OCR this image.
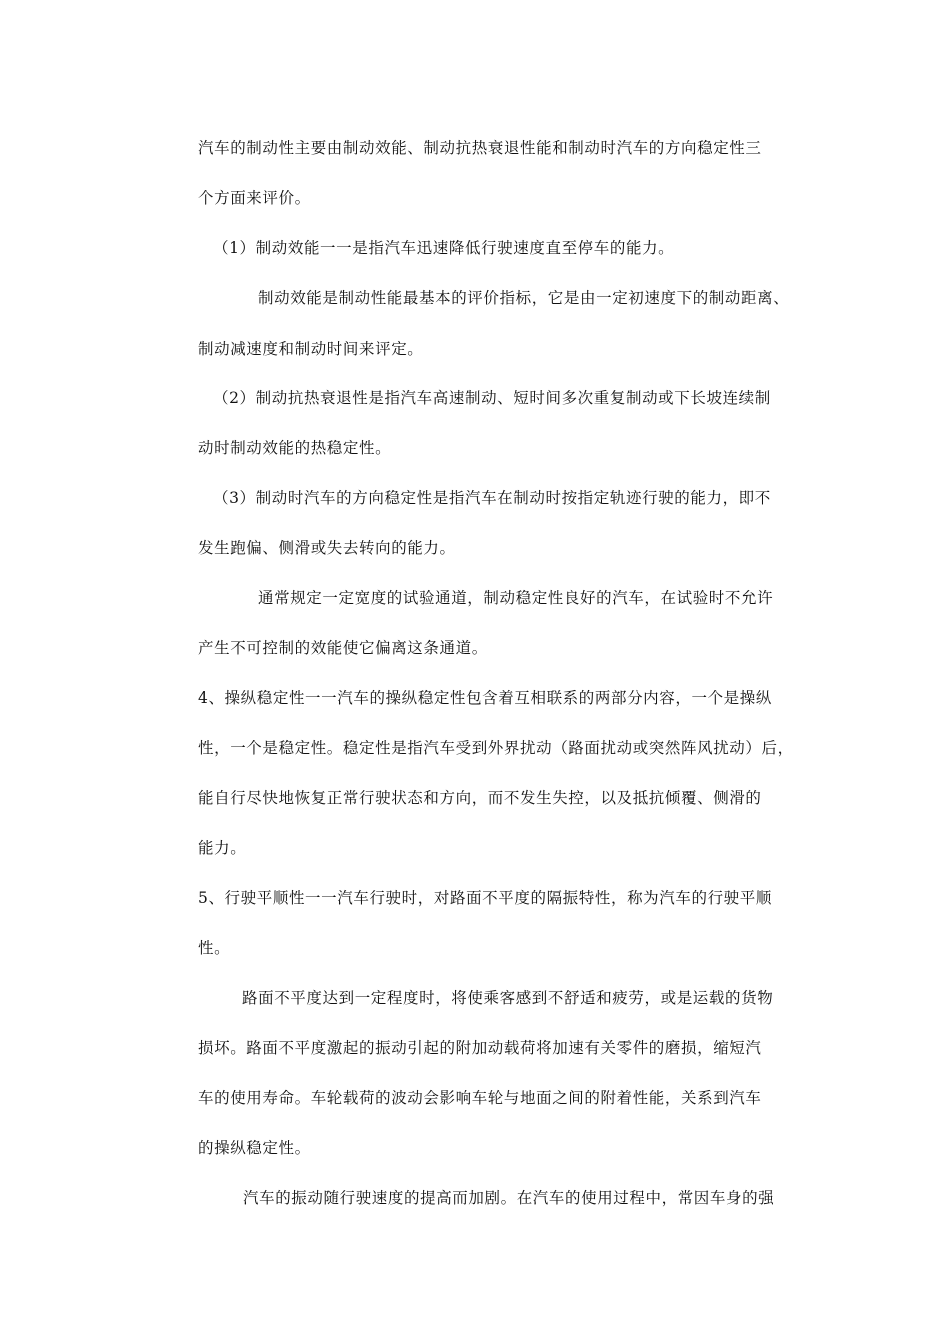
汽车的制动性主要由制动效能、制动抗热衰退性能和制动时汽车的方向稳定性三
个方面来评价。
（1）制动效能一一是指汽车迅速降低行驶速度直至停车的能力。
制动效能是制动性能最基本的评价指标，它是由一定初速度下的制动距离、
制动减速度和制动时间来评定。
（2）制动抗热衰退性是指汽车高速制动、短时间多次重复制动或下长坡连续制
动时制动效能的热稳定性。
（3）制动时汽车的方向稳定性是指汽车在制动时按指定轨迹行驶的能力，即不
发生跑偏、侧滑或失去转向的能力。
通常规定一定宽度的试验通道，制动稳定性良好的汽车，在试验时不允许
产生不可控制的效能使它偏离这条通道。
4、操纵稳定性一一汽车的操纵稳定性包含着互相联系的两部分内容，一个是操纵
性，一个是稳定性。稳定性是指汽车受到外界扰动（路面扰动或突然阵风扰动）后，
能自行尽快地恢复正常行驶状态和方向，而不发生失控，以及抵抗倾覆、侧滑的
能力。
5、行驶平顺性一一汽车行驶时，对路面不平度的隔振特性，称为汽车的行驶平顺
性。
路面不平度达到一定程度时，将使乘客感到不舒适和疲劳，或是运载的货物
损坏。路面不平度激起的振动引起的附加动载荷将加速有关零件的磨损，缩短汽
车的使用寿命。车轮载荷的波动会影响车轮与地面之间的附着性能，关系到汽车
的操纵稳定性。
汽车的振动随行驶速度的提高而加剧。在汽车的使用过程中，常因车身的强
